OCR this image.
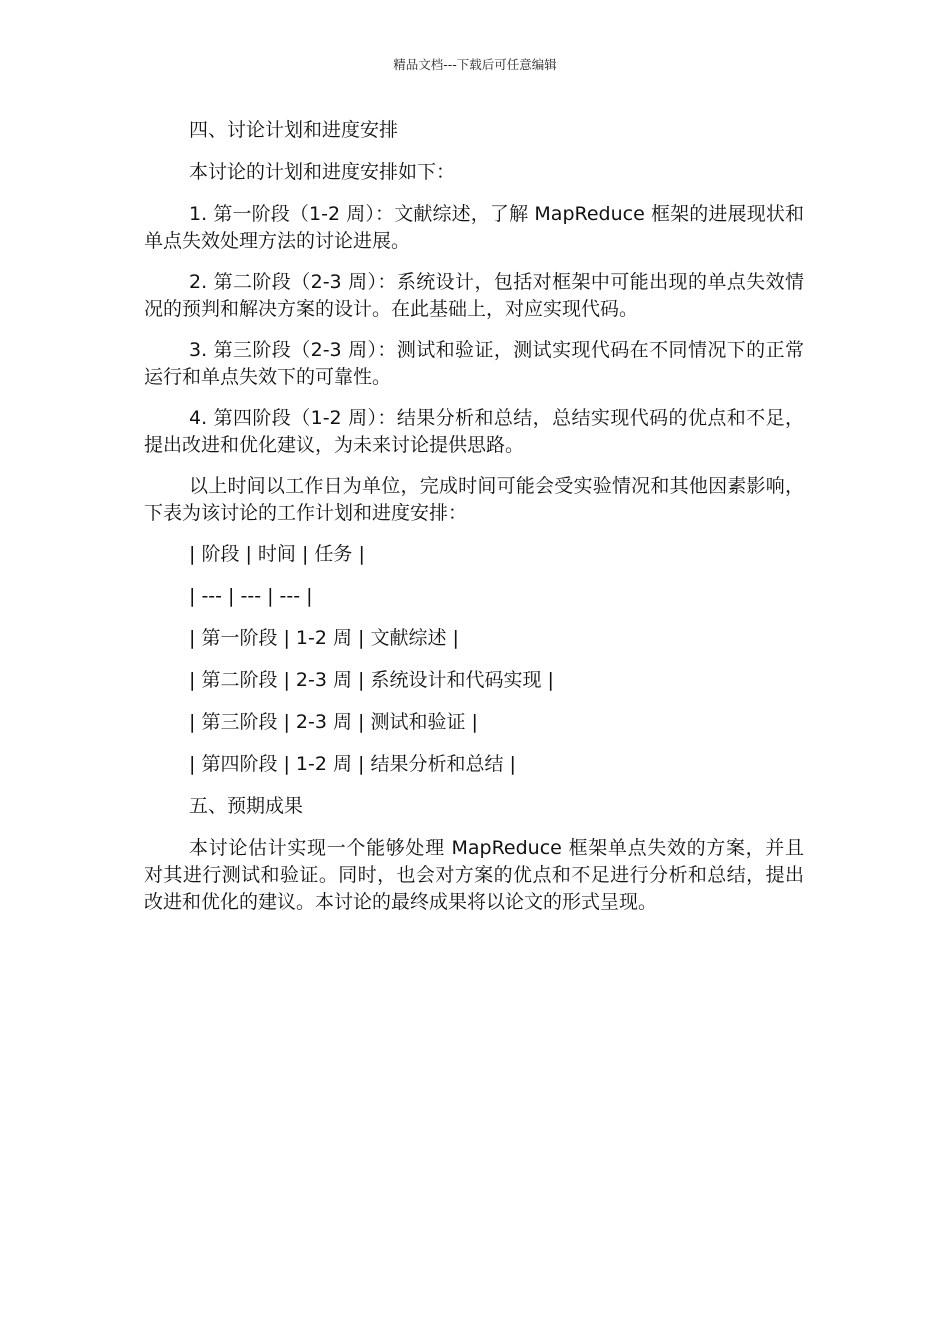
精品文档---下载后可任意编辑

四、讨论计划和进度安排

本讨论的计划和进度安排如下：

1. 第一阶段（1-2 周）：文献综述，了解 MapReduce 框架的进展现状和单点失效处理方法的讨论进展。

2. 第二阶段（2-3 周）：系统设计，包括对框架中可能出现的单点失效情况的预判和解决方案的设计。在此基础上，对应实现代码。

3. 第三阶段（2-3 周）：测试和验证，测试实现代码在不同情况下的正常运行和单点失效下的可靠性。

4. 第四阶段（1-2 周）：结果分析和总结，总结实现代码的优点和不足，提出改进和优化建议，为未来讨论提供思路。

以上时间以工作日为单位，完成时间可能会受实验情况和其他因素影响，下表为该讨论的工作计划和进度安排：

| 阶段 | 时间 | 任务 |

| --- | --- | --- |

| 第一阶段 | 1-2 周 | 文献综述 |

| 第二阶段 | 2-3 周 | 系统设计和代码实现 |

| 第三阶段 | 2-3 周 | 测试和验证 |

| 第四阶段 | 1-2 周 | 结果分析和总结 |

五、预期成果

本讨论估计实现一个能够处理 MapReduce 框架单点失效的方案，并且对其进行测试和验证。同时，也会对方案的优点和不足进行分析和总结，提出改进和优化的建议。本讨论的最终成果将以论文的形式呈现。
